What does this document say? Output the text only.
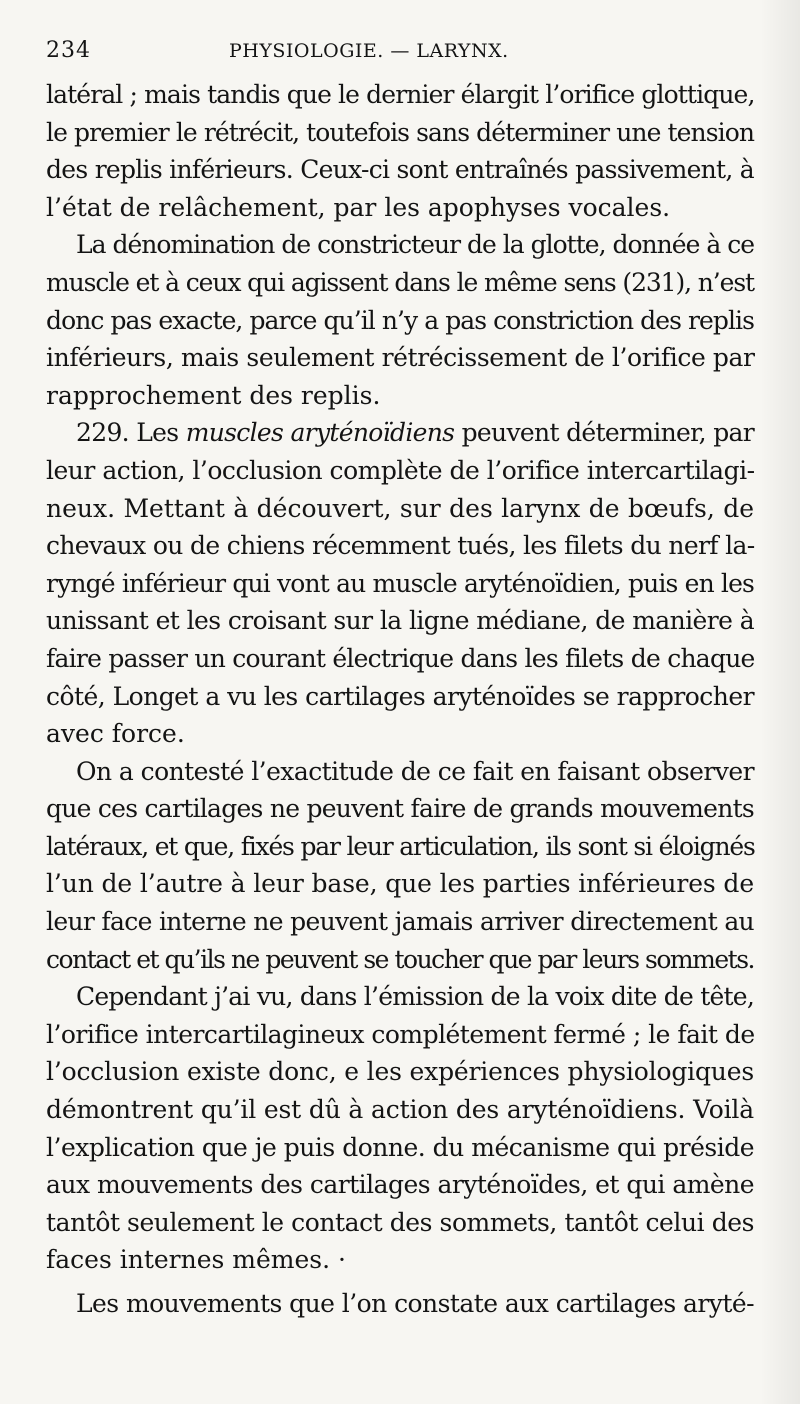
234	PHYSIOLOGIE. — LARYNX.

latéral ; mais tandis que le dernier élargit l’orifice glottique,
le premier le rétrécit, toutefois sans déterminer une tension
des replis inférieurs. Ceux-ci sont entraînés passivement, à
l’état de relâchement, par les apophyses vocales.

La dénomination de constricteur de la glotte, donnée à ce
muscle et à ceux qui agissent dans le même sens (231), n’est
donc pas exacte, parce qu’il n’y a pas constriction des replis
inférieurs, mais seulement rétrécissement de l’orifice par
rapprochement des replis.

229. Les muscles aryténoïdiens peuvent déterminer, par
leur action, l’occlusion complète de l’orifice intercartilagi-
neux. Mettant à découvert, sur des larynx de bœufs, de
chevaux ou de chiens récemment tués, les filets du nerf la-
ryngé inférieur qui vont au muscle aryténoïdien, puis en les
unissant et les croisant sur la ligne médiane, de manière à
faire passer un courant électrique dans les filets de chaque
côté, Longet a vu les cartilages aryténoïdes se rapprocher
avec force.

On a contesté l’exactitude de ce fait en faisant observer
que ces cartilages ne peuvent faire de grands mouvements
latéraux, et que, fixés par leur articulation, ils sont si éloignés
l’un de l’autre à leur base, que les parties inférieures de
leur face interne ne peuvent jamais arriver directement au
contact et qu’ils ne peuvent se toucher que par leurs sommets.

Cependant j’ai vu, dans l’émission de la voix dite de tête,
l’orifice intercartilagineux complétement fermé ; le fait de
l’occlusion existe donc, e les expériences physiologiques
démontrent qu’il est dû à action des aryténoïdiens. Voilà
l’explication que je puis donne. du mécanisme qui préside
aux mouvements des cartilages aryténoïdes, et qui amène
tantôt seulement le contact des sommets, tantôt celui des
faces internes mêmes. ·

Les mouvements que l’on constate aux cartilages aryté-
